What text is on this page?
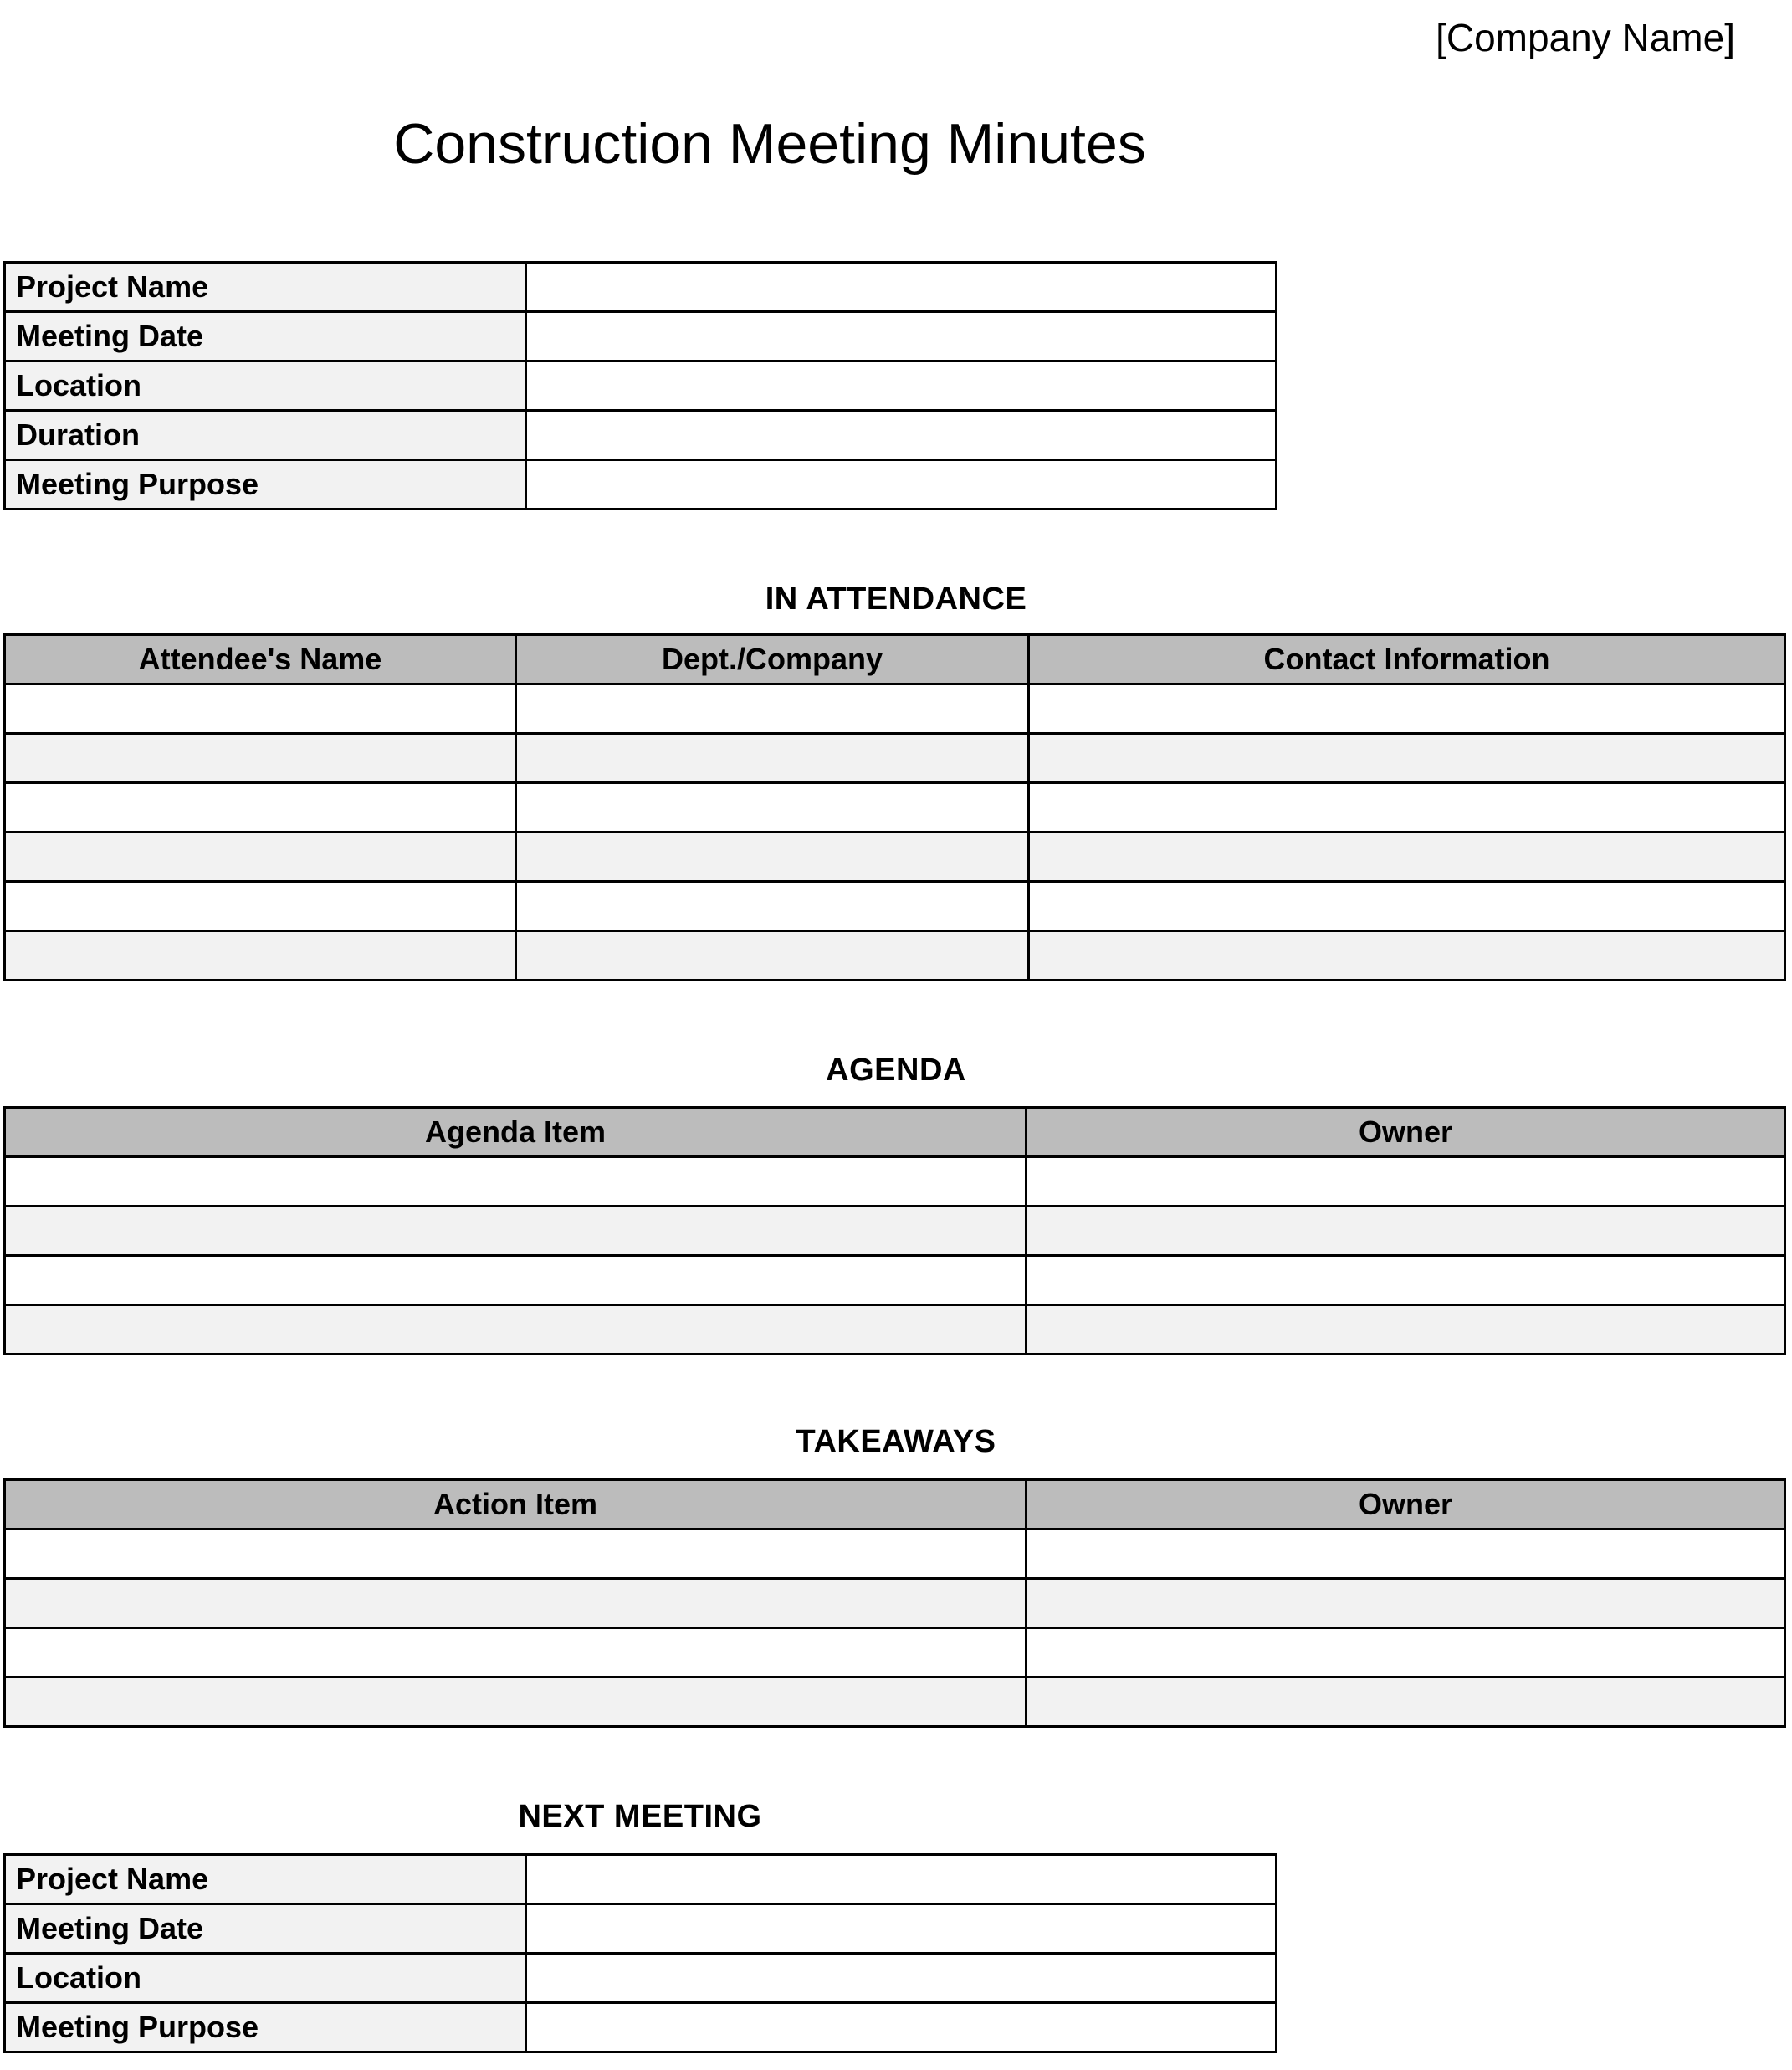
[Company Name]
Construction Meeting Minutes
Project Name	
Meeting Date	
Location	
Duration	
Meeting Purpose	
IN ATTENDANCE
Attendee's Name	Dept./Company	Contact Information

AGENDA
Agenda Item	Owner

TAKEAWAYS
Action Item	Owner

NEXT MEETING
Project Name	
Meeting Date	
Location	
Meeting Purpose	
